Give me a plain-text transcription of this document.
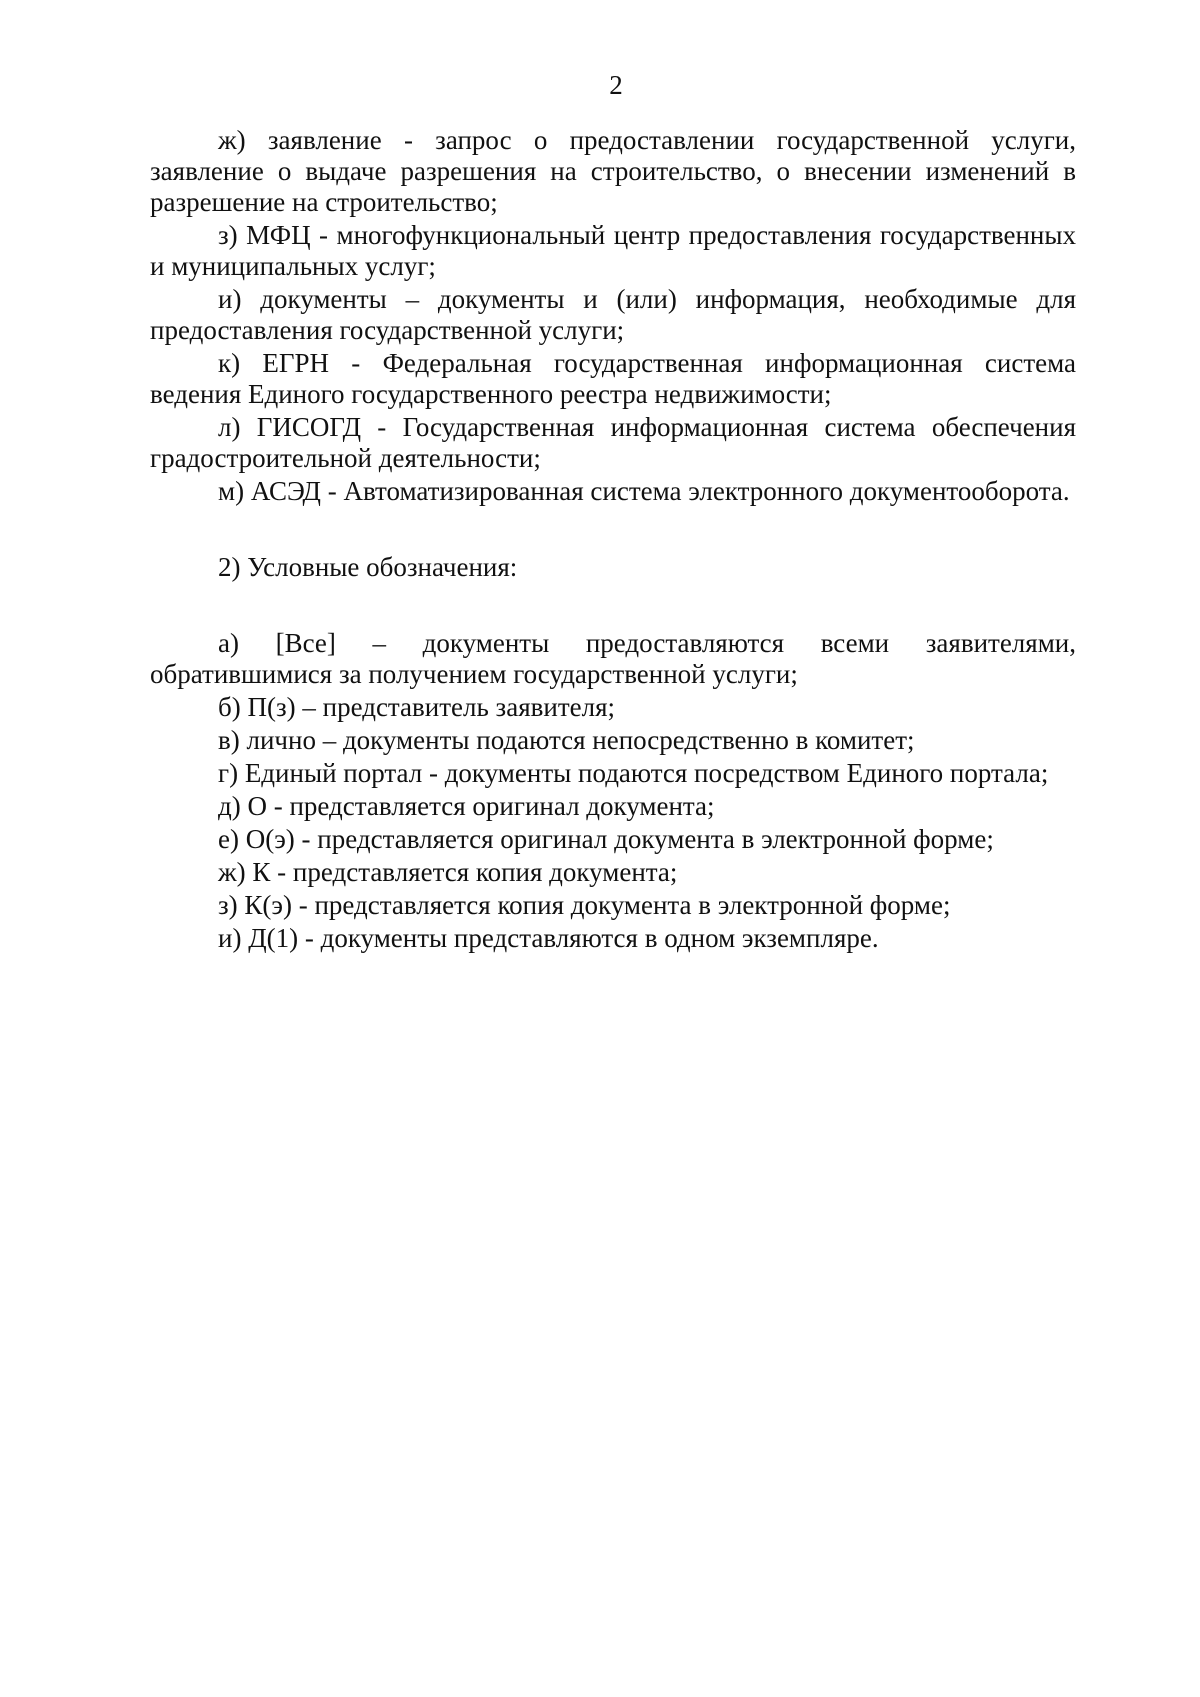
2

ж) заявление - запрос о предоставлении государственной услуги, заявление о выдаче разрешения на строительство, о внесении изменений в разрешение на строительство;

з) МФЦ - многофункциональный центр предоставления государственных и муниципальных услуг;

и) документы – документы и (или) информация, необходимые для предоставления государственной услуги;

к) ЕГРН - Федеральная государственная информационная система ведения Единого государственного реестра недвижимости;

л) ГИСОГД - Государственная информационная система обеспечения градостроительной деятельности;

м) АСЭД - Автоматизированная система электронного документооборота.

2) Условные обозначения:

а) [Все] – документы предоставляются всеми заявителями, обратившимися за получением государственной услуги;

б) П(з) – представитель заявителя;

в) лично – документы подаются непосредственно в комитет;

г) Единый портал - документы подаются посредством Единого портала;

д) О - представляется оригинал документа;

е) О(э) - представляется оригинал документа в электронной форме;

ж) К - представляется копия документа;

з) К(э) - представляется копия документа в электронной форме;

и) Д(1) - документы представляются в одном экземпляре.
